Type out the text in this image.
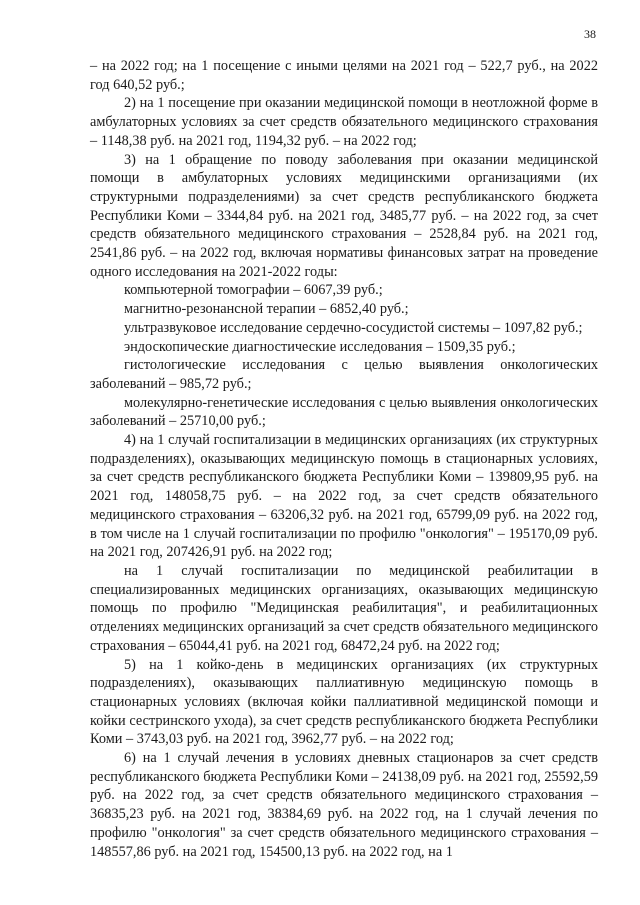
38

– на 2022 год; на 1 посещение с иными целями на 2021 год – 522,7 руб., на 2022 год 640,52 руб.;

2) на 1 посещение при оказании медицинской помощи в неотложной форме в амбулаторных условиях за счет средств обязательного медицинского страхования – 1148,38 руб. на 2021 год, 1194,32 руб. – на 2022 год;

3) на 1 обращение по поводу заболевания при оказании медицинской помощи в амбулаторных условиях медицинскими организациями (их структурными подразделениями) за счет средств республиканского бюджета Республики Коми – 3344,84 руб. на 2021 год, 3485,77 руб. – на 2022 год, за счет средств обязательного медицинского страхования – 2528,84 руб. на 2021 год, 2541,86 руб. – на 2022 год, включая нормативы финансовых затрат на проведение одного исследования на 2021-2022 годы:

компьютерной томографии – 6067,39 руб.;

магнитно-резонансной терапии – 6852,40 руб.;

ультразвуковое исследование сердечно-сосудистой системы – 1097,82 руб.;

эндоскопические диагностические исследования – 1509,35 руб.;

гистологические исследования с целью выявления онкологических заболеваний – 985,72 руб.;

молекулярно-генетические исследования с целью выявления онкологических заболеваний – 25710,00 руб.;

4) на 1 случай госпитализации в медицинских организациях (их структурных подразделениях), оказывающих медицинскую помощь в стационарных условиях, за счет средств республиканского бюджета Республики Коми – 139809,95 руб. на 2021 год, 148058,75 руб. – на 2022 год, за счет средств обязательного медицинского страхования – 63206,32 руб. на 2021 год, 65799,09 руб. на 2022 год, в том числе на 1 случай госпитализации по профилю "онкология" – 195170,09 руб. на 2021 год, 207426,91 руб. на 2022 год;

на 1 случай госпитализации по медицинской реабилитации в специализированных медицинских организациях, оказывающих медицинскую помощь по профилю "Медицинская реабилитация", и реабилитационных отделениях медицинских организаций за счет средств обязательного медицинского страхования – 65044,41 руб. на 2021 год, 68472,24 руб. на 2022 год;

5) на 1 койко-день в медицинских организациях (их структурных подразделениях), оказывающих паллиативную медицинскую помощь в стационарных условиях (включая койки паллиативной медицинской помощи и койки сестринского ухода), за счет средств республиканского бюджета Республики Коми – 3743,03 руб. на 2021 год, 3962,77 руб. – на 2022 год;

6) на 1 случай лечения в условиях дневных стационаров за счет средств республиканского бюджета Республики Коми – 24138,09 руб. на 2021 год, 25592,59 руб. на 2022 год, за счет средств обязательного медицинского страхования – 36835,23 руб. на 2021 год, 38384,69 руб. на 2022 год, на 1 случай лечения по профилю "онкология" за счет средств обязательного медицинского страхования – 148557,86 руб. на 2021 год, 154500,13 руб. на 2022 год, на 1
